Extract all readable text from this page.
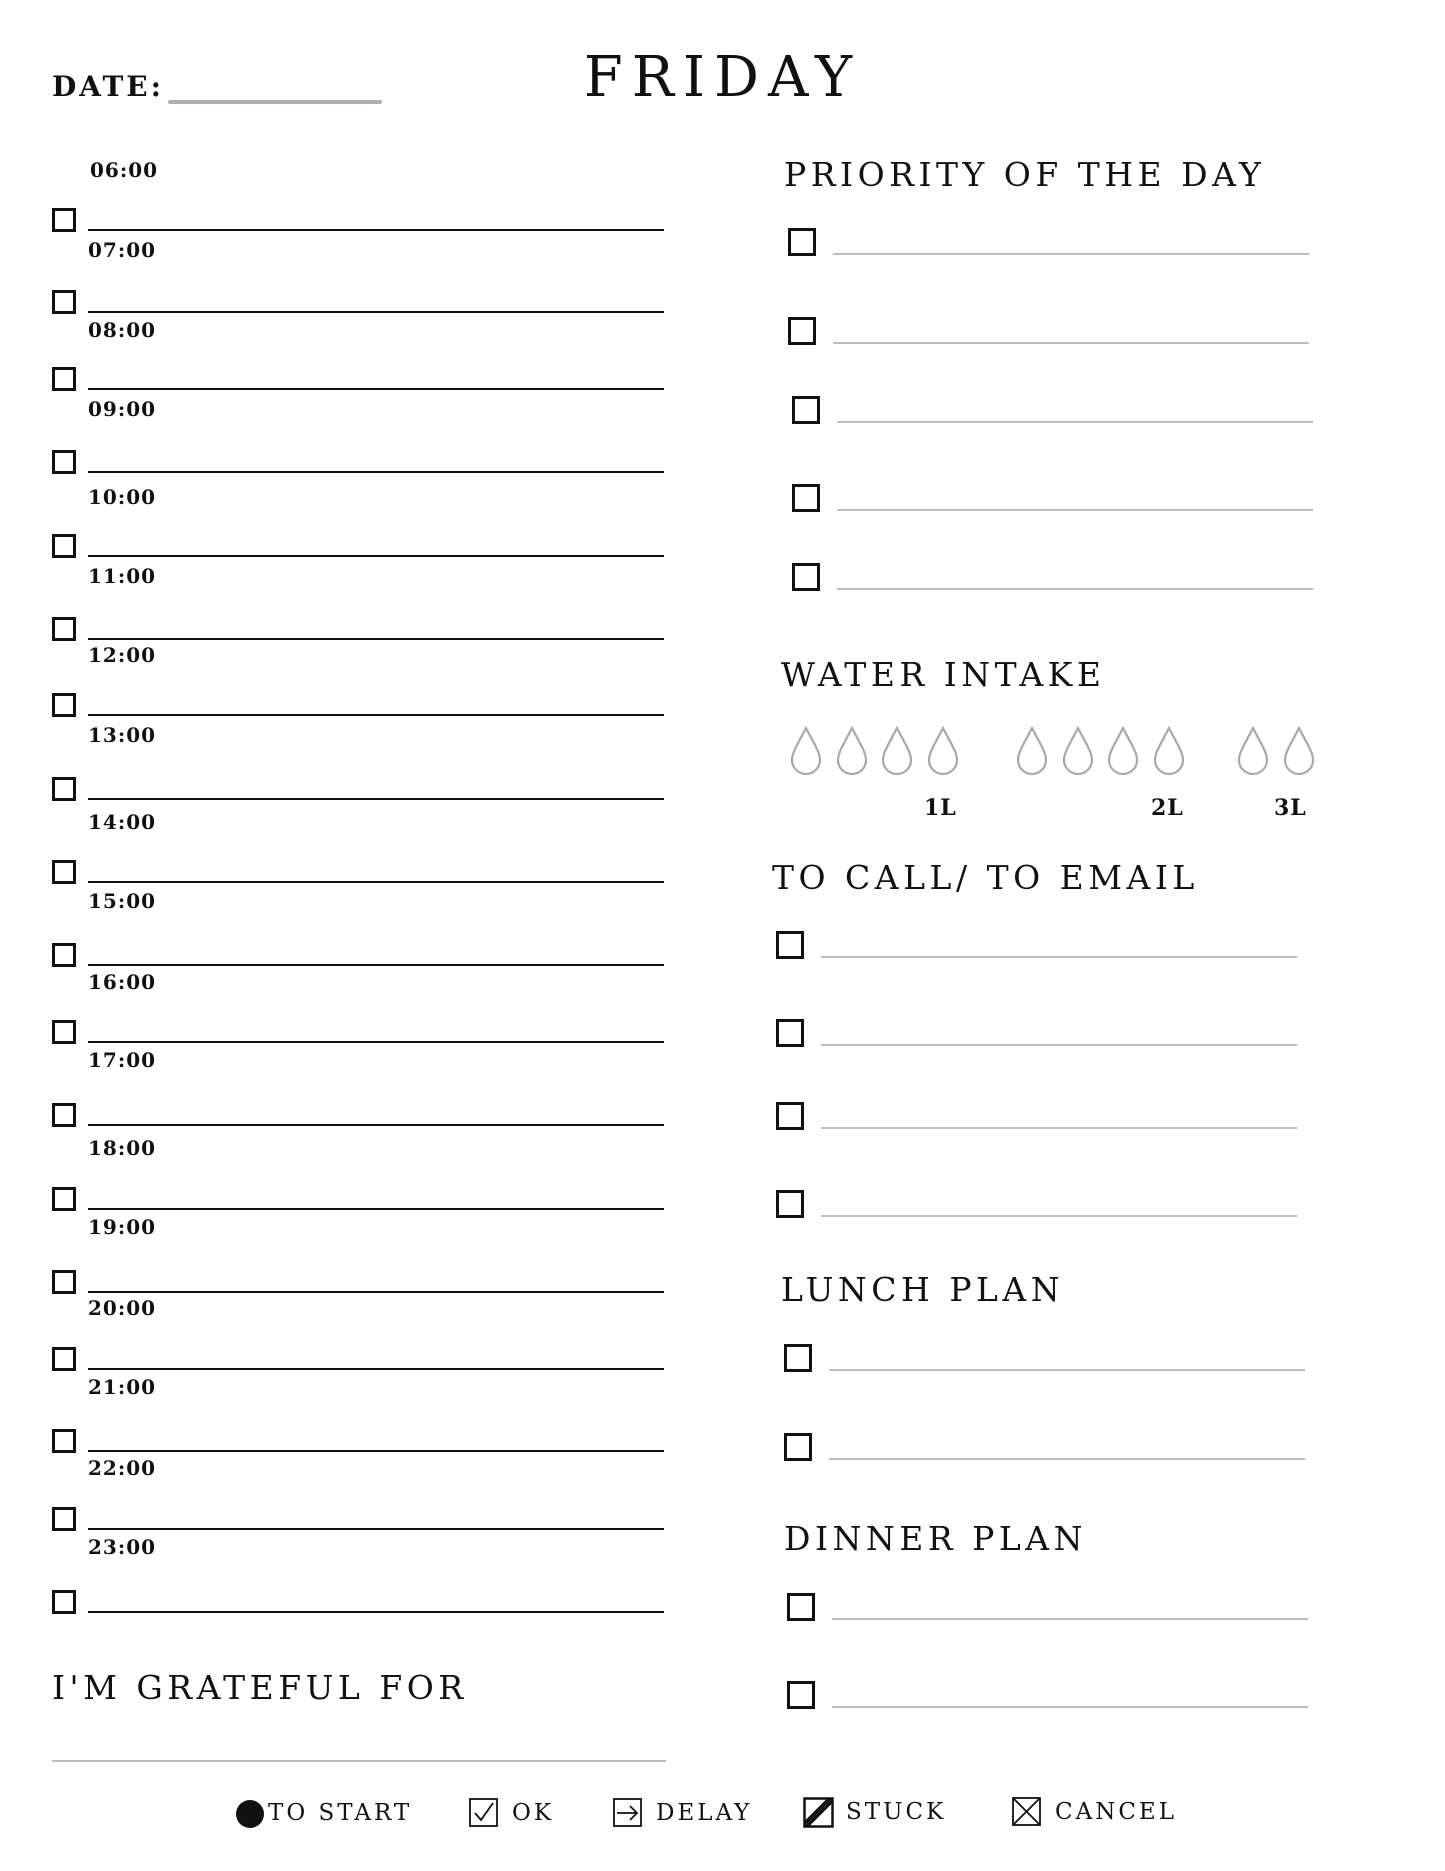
DATE:	FRIDAY
06:00
07:00
08:00
09:00
10:00
11:00
12:00
13:00
14:00
15:00
16:00
17:00
18:00
19:00
20:00
21:00
22:00
23:00
PRIORITY OF THE DAY
WATER INTAKE
1L	2L	3L
TO CALL/ TO EMAIL
LUNCH PLAN
DINNER PLAN
I'M GRATEFUL FOR
TO START	OK	DELAY	STUCK	CANCEL
